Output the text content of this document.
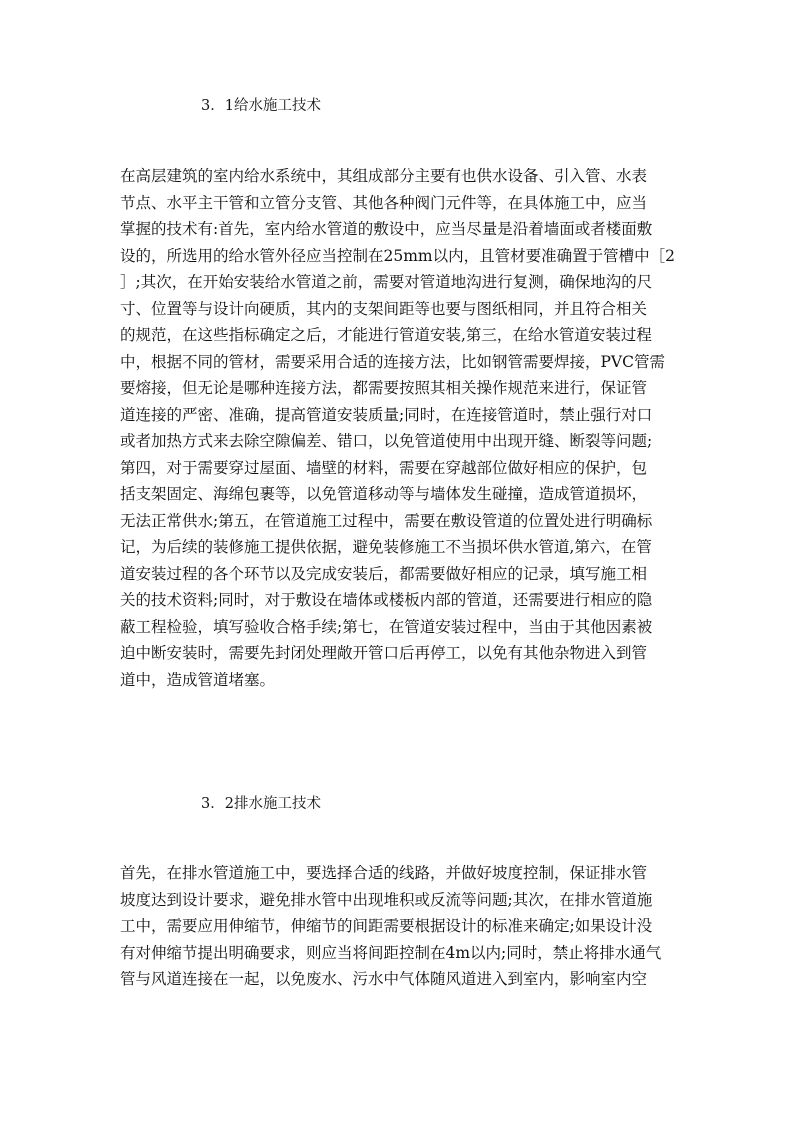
3．1给水施工技术
在高层建筑的室内给水系统中，其组成部分主要有也供水设备、引入管、水表
节点、水平主干管和立管分支管、其他各种阀门元件等，在具体施工中，应当
掌握的技术有:首先，室内给水管道的敷设中，应当尽量是沿着墙面或者楼面敷
设的，所选用的给水管外径应当控制在25mm以内，且管材要准确置于管槽中［2
］;其次，在开始安装给水管道之前，需要对管道地沟进行复测，确保地沟的尺
寸、位置等与设计向硬质，其内的支架间距等也要与图纸相同，并且符合相关
的规范，在这些指标确定之后，才能进行管道安装,第三，在给水管道安装过程
中，根据不同的管材，需要采用合适的连接方法，比如钢管需要焊接，PVC管需
要熔接，但无论是哪种连接方法，都需要按照其相关操作规范来进行，保证管
道连接的严密、准确，提高管道安装质量;同时，在连接管道时，禁止强行对口
或者加热方式来去除空隙偏差、错口，以免管道使用中出现开缝、断裂等问题;
第四，对于需要穿过屋面、墙壁的材料，需要在穿越部位做好相应的保护，包
括支架固定、海绵包裹等，以免管道移动等与墙体发生碰撞，造成管道损坏，
无法正常供水;第五，在管道施工过程中，需要在敷设管道的位置处进行明确标
记，为后续的装修施工提供依据，避免装修施工不当损坏供水管道,第六，在管
道安装过程的各个环节以及完成安装后，都需要做好相应的记录，填写施工相
关的技术资料;同时，对于敷设在墙体或楼板内部的管道，还需要进行相应的隐
蔽工程检验，填写验收合格手续;第七，在管道安装过程中，当由于其他因素被
迫中断安装时，需要先封闭处理敞开管口后再停工，以免有其他杂物进入到管
道中，造成管道堵塞。
3．2排水施工技术
首先，在排水管道施工中，要选择合适的线路，并做好坡度控制，保证排水管
坡度达到设计要求，避免排水管中出现堆积或反流等问题;其次，在排水管道施
工中，需要应用伸缩节，伸缩节的间距需要根据设计的标准来确定;如果设计没
有对伸缩节提出明确要求，则应当将间距控制在4m以内;同时，禁止将排水通气
管与风道连接在一起，以免废水、污水中气体随风道进入到室内，影响室内空
